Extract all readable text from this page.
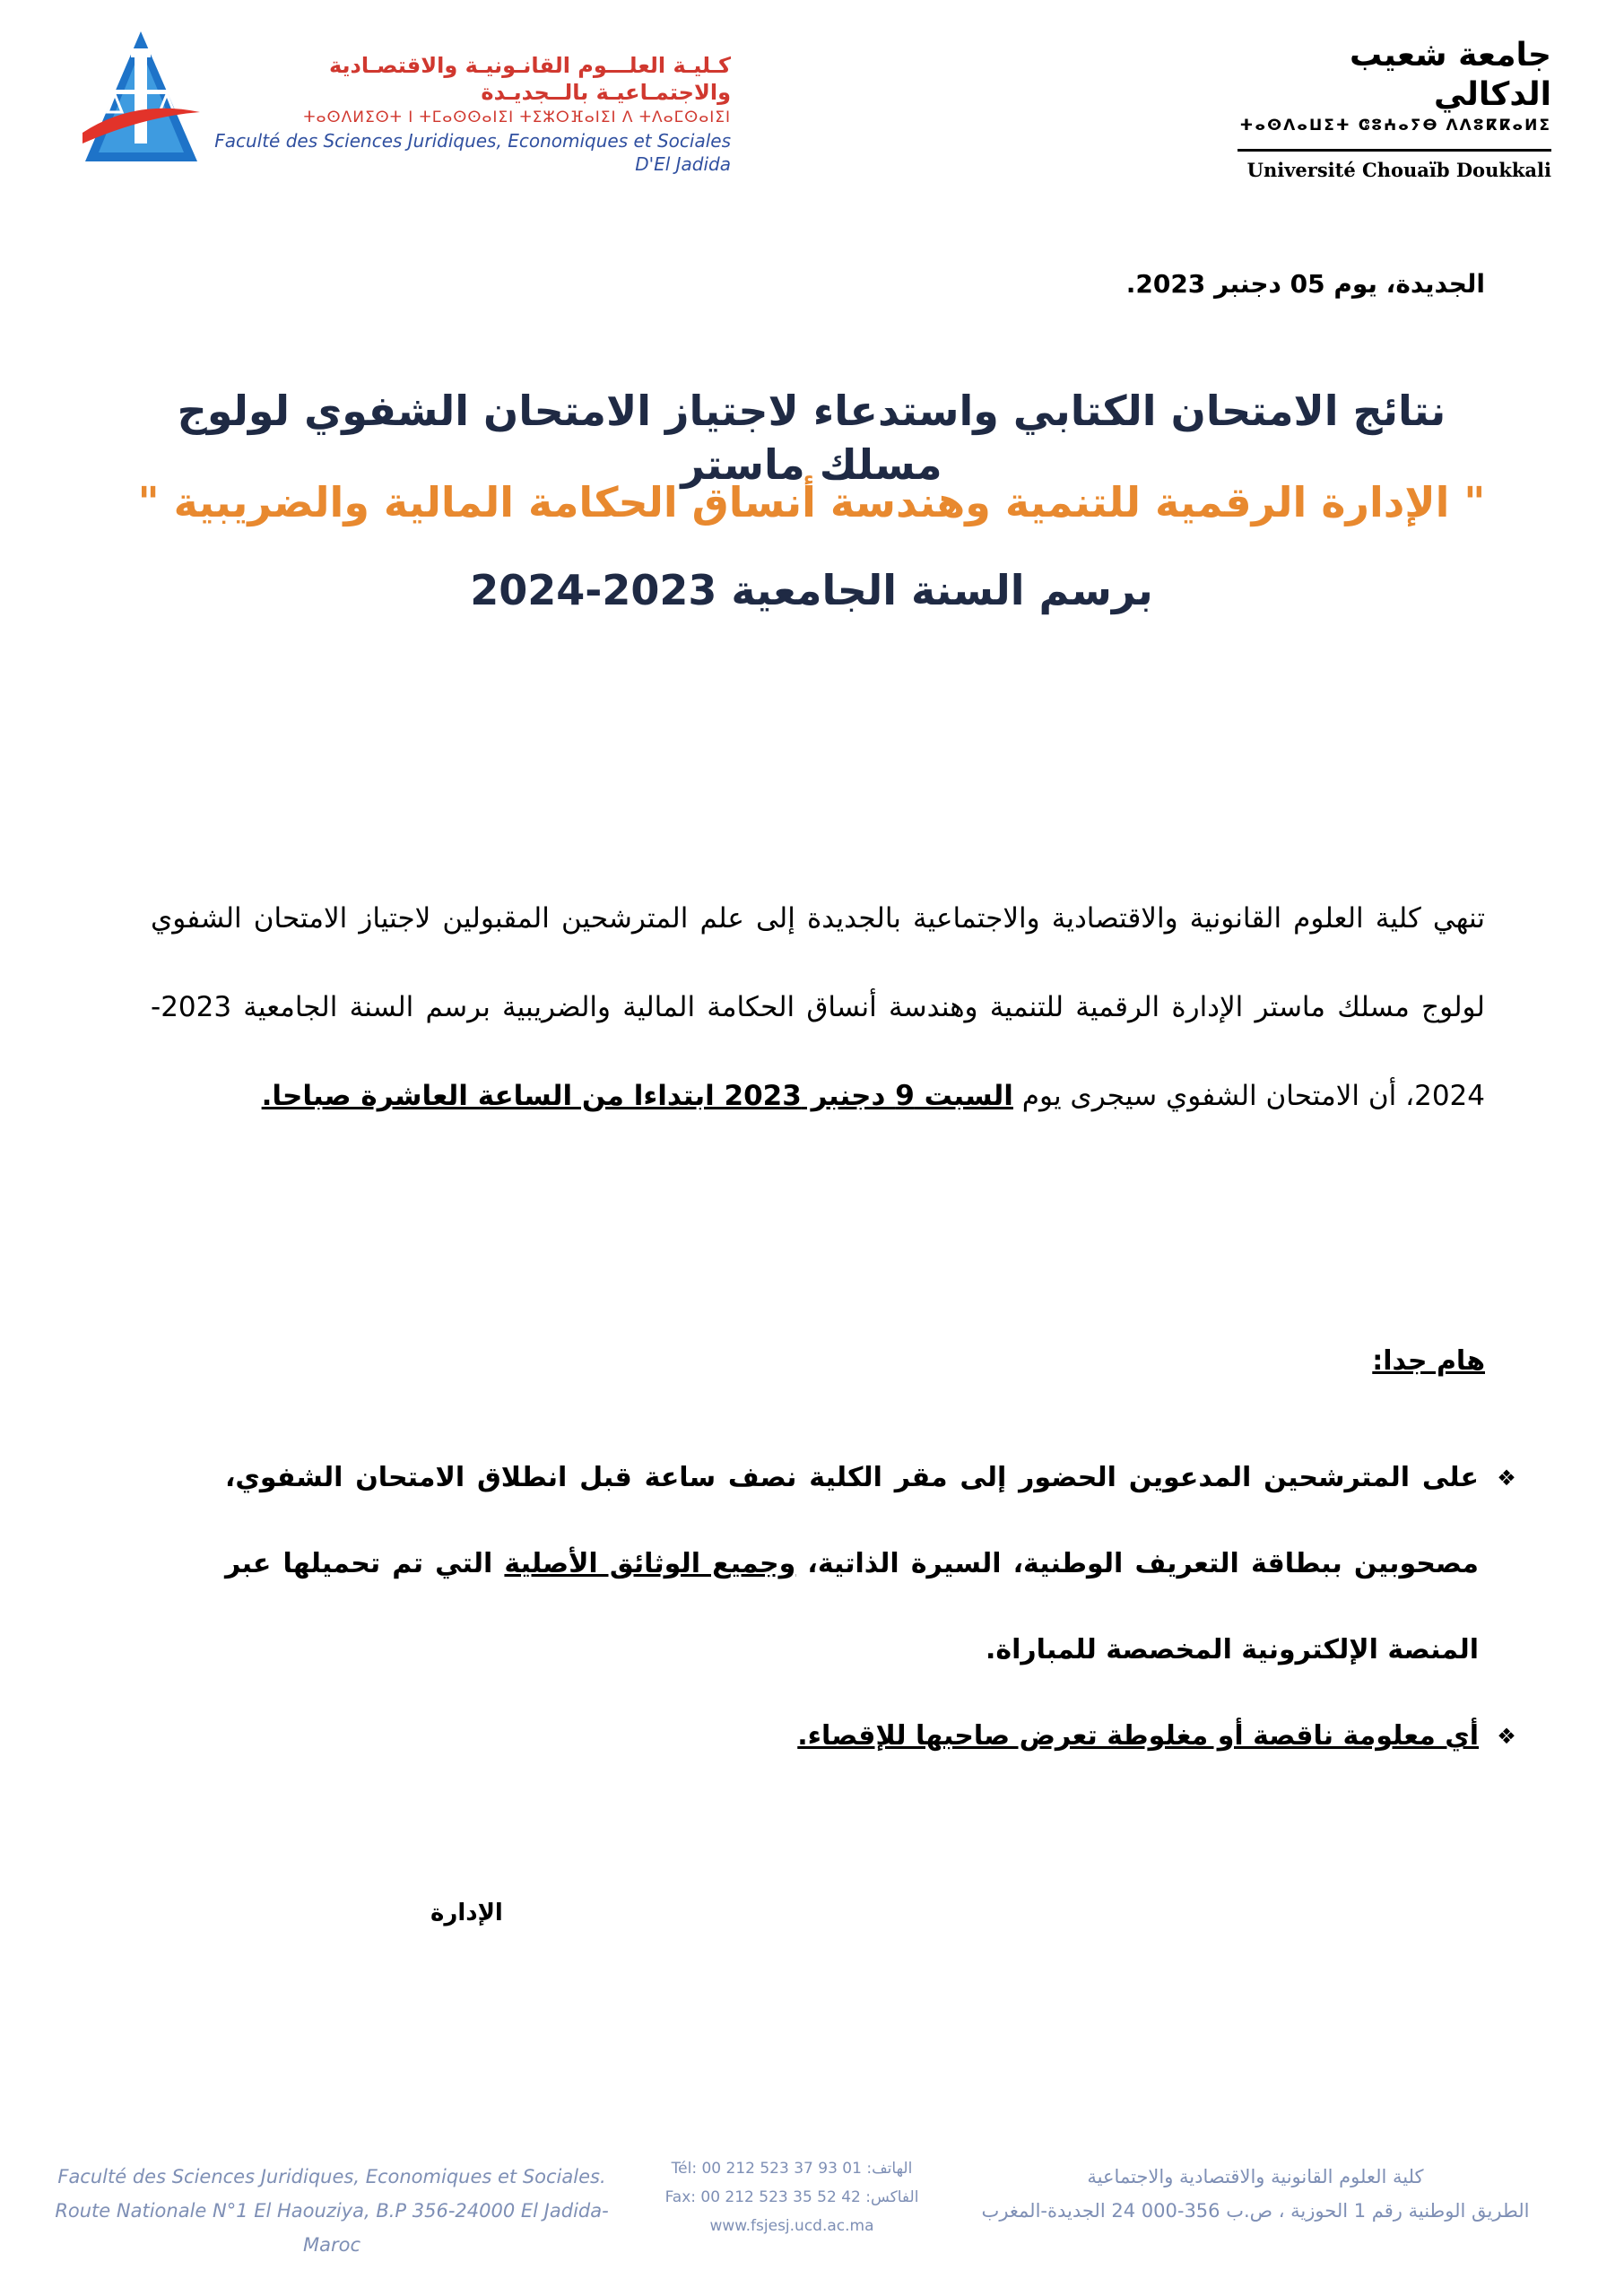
كـليـة العلـــوم القانـونيـة والاقتصـادية والاجتمـاعيـة بالــجديـدة
ⵜⴰⵙⴷⵍⵉⵙⵜ ⵏ ⵜⵎⴰⵙⵙⴰⵏⵉⵏ ⵜⵉⵣⵔⴼⴰⵏⵉⵏ ⴷ ⵜⴷⴰⵎⵙⴰⵏⵉⵏ
Faculté des Sciences Juridiques, Economiques et Sociales D'El Jadida
جامعة شعيب الدكالي
ⵜⴰⵙⴷⴰⵡⵉⵜ ⵛⵓⵄⴰⵢⴱ ⴷⴷⵓⴽⴽⴰⵍⵉ
Université Chouaïb Doukkali
الجديدة، يوم 05 دجنبر 2023.
نتائج الامتحان الكتابي واستدعاء لاجتياز الامتحان الشفوي لولوج مسلك ماستر
" الإدارة الرقمية للتنمية وهندسة أنساق الحكامة المالية والضريبية "
برسم السنة الجامعية 2023-2024
تنهي كلية العلوم القانونية والاقتصادية والاجتماعية بالجديدة إلى علم المترشحين المقبولين لاجتياز الامتحان الشفوي لولوج مسلك ماستر الإدارة الرقمية للتنمية وهندسة أنساق الحكامة المالية والضريبية برسم السنة الجامعية 2023-2024، أن الامتحان الشفوي سيجرى يوم السبت 9 دجنبر 2023 ابتداءا من الساعة العاشرة صباحا.
هام جدا:
❖
على المترشحين المدعوين الحضور إلى مقر الكلية نصف ساعة قبل انطلاق الامتحان الشفوي، مصحوبين ببطاقة التعريف الوطنية، السيرة الذاتية، وجميع الوثائق الأصلية التي تم تحميلها عبر المنصة الإلكترونية المخصصة للمباراة.
❖
أي معلومة ناقصة أو مغلوطة تعرض صاحبها للإقصاء.
الإدارة
Faculté des Sciences Juridiques, Economiques et Sociales.
Route Nationale N°1 El Haouziya, B.P 356-24000 El Jadida-Maroc
Tél: 00 212 523 37 93 01 :الهاتف
Fax: 00 212 523 35 52 42 :الفاكس
www.fsjesj.ucd.ac.ma
كلية العلوم القانونية والاقتصادية والاجتماعية
الطريق الوطنية رقم 1 الحوزية ، ص.ب 356-000 24 الجديدة-المغرب
